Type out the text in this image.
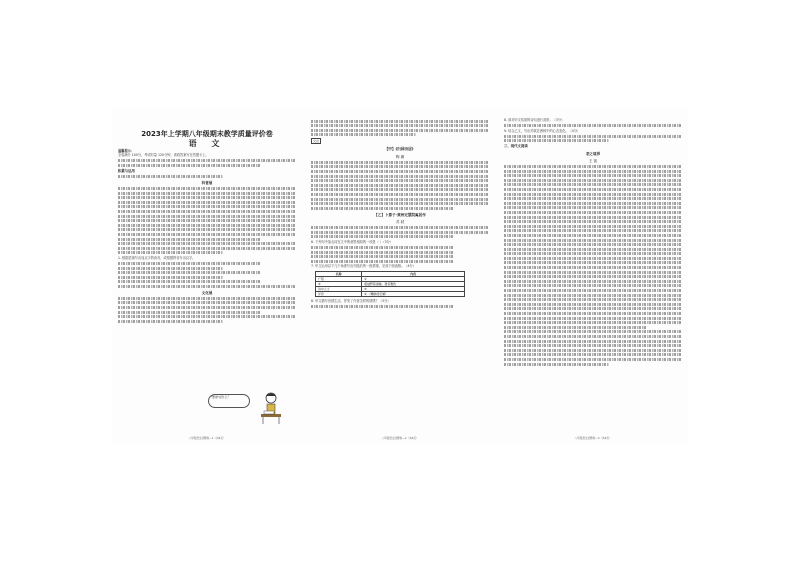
2023年上学期八年级期末教学质量评价卷
语 文
温馨提示：
全卷满分 100分，考试时量 120分钟，请将答案写在答题卡上。
积累与运用
科普展
1. 根据语境写出加点字的读音，或根据拼音写出汉字。
文化展
"影像"是什么？
八年级语文试题卷—1（共6页）
文言
【甲】《归园田居》
陶 渊
【乙】卜算子·黄州定慧院寓居作
苏 轼
6. 下列句中加点词在文中的意思相同的一项是（ ）（3分）
7. 甲文运用以下几个角度写出归隐后的一组情境，完成下面表格。（4分）
名称	内容
广陌	①
②	瓶插野菊清幽，微有雅致
诗中人士	③
评价	④ （精辟的见解）
8. 甲文描写田园生活，抒发了作者怎样的情感？（3分）
八年级语文试题卷—2（共6页）
8. 请对甲文结尾的诗句进行赏析。（3分）
9. 结合乙文，写出苏轼在困顿中的心态变化。（4分）
三、现代文阅读
茶之境界
王 凯
八年级语文试题卷—3（共6页）
